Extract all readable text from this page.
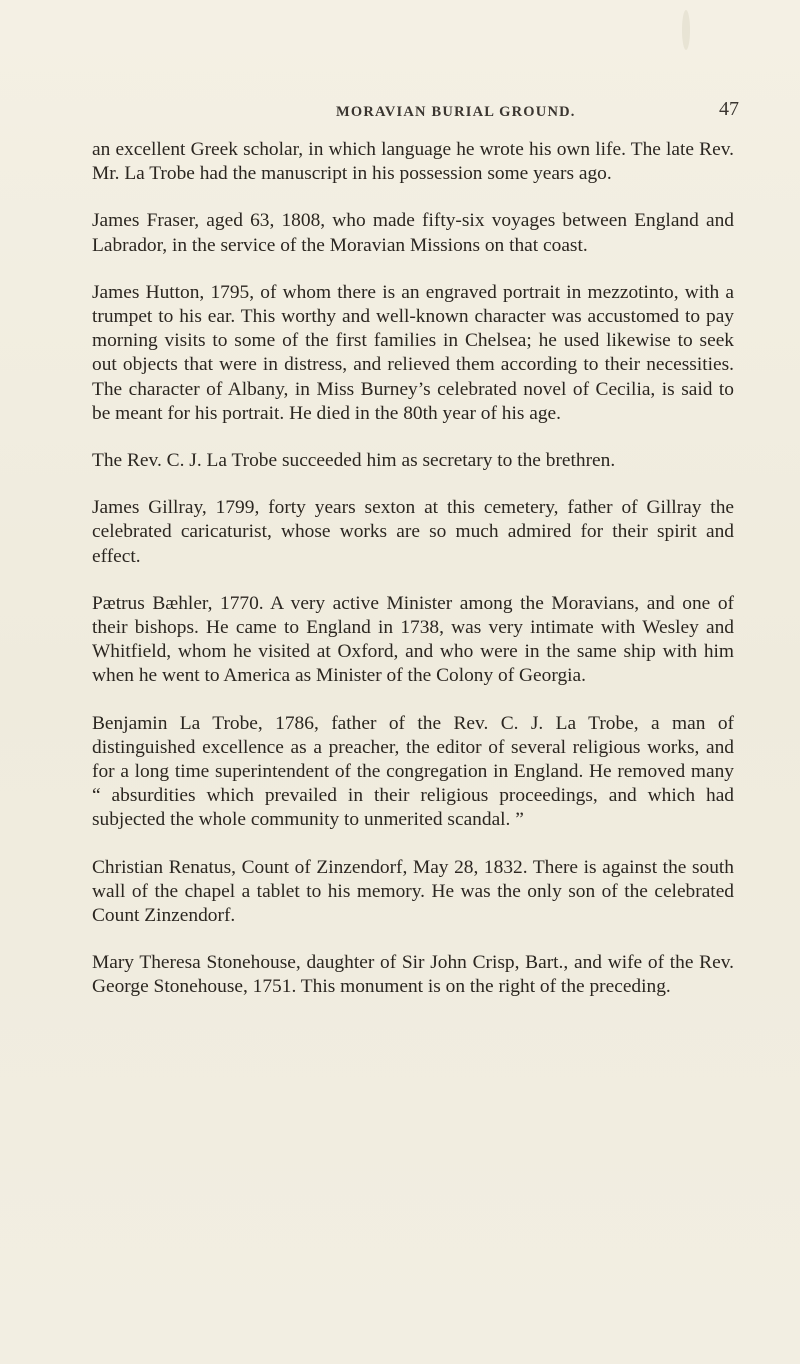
MORAVIAN BURIAL GROUND.	47

an excellent Greek scholar, in which language he wrote his own life. The late Rev. Mr. La Trobe had the manuscript in his possession some years ago.

James Fraser, aged 63, 1808, who made fifty-six voyages between England and Labrador, in the service of the Moravian Missions on that coast.

James Hutton, 1795, of whom there is an engraved portrait in mezzotinto, with a trumpet to his ear. This worthy and well-known character was accustomed to pay morning visits to some of the first families in Chelsea; he used likewise to seek out objects that were in distress, and relieved them according to their necessities. The character of Albany, in Miss Burney’s celebrated novel of Cecilia, is said to be meant for his portrait. He died in the 80th year of his age.

The Rev. C. J. La Trobe succeeded him as secretary to the brethren.

James Gillray, 1799, forty years sexton at this cemetery, father of Gillray the celebrated caricaturist, whose works are so much admired for their spirit and effect.

Pætrus Bæhler, 1770. A very active Minister among the Moravians, and one of their bishops. He came to England in 1738, was very intimate with Wesley and Whitfield, whom he visited at Oxford, and who were in the same ship with him when he went to America as Minister of the Colony of Georgia.

Benjamin La Trobe, 1786, father of the Rev. C. J. La Trobe, a man of distinguished excellence as a preacher, the editor of several religious works, and for a long time superintendent of the congregation in England. He removed many “ absurdities which prevailed in their religious proceedings, and which had subjected the whole community to unmerited scandal. ”

Christian Renatus, Count of Zinzendorf, May 28, 1832. There is against the south wall of the chapel a tablet to his memory. He was the only son of the celebrated Count Zinzendorf.

Mary Theresa Stonehouse, daughter of Sir John Crisp, Bart., and wife of the Rev. George Stonehouse, 1751. This monument is on the right of the preceding.
